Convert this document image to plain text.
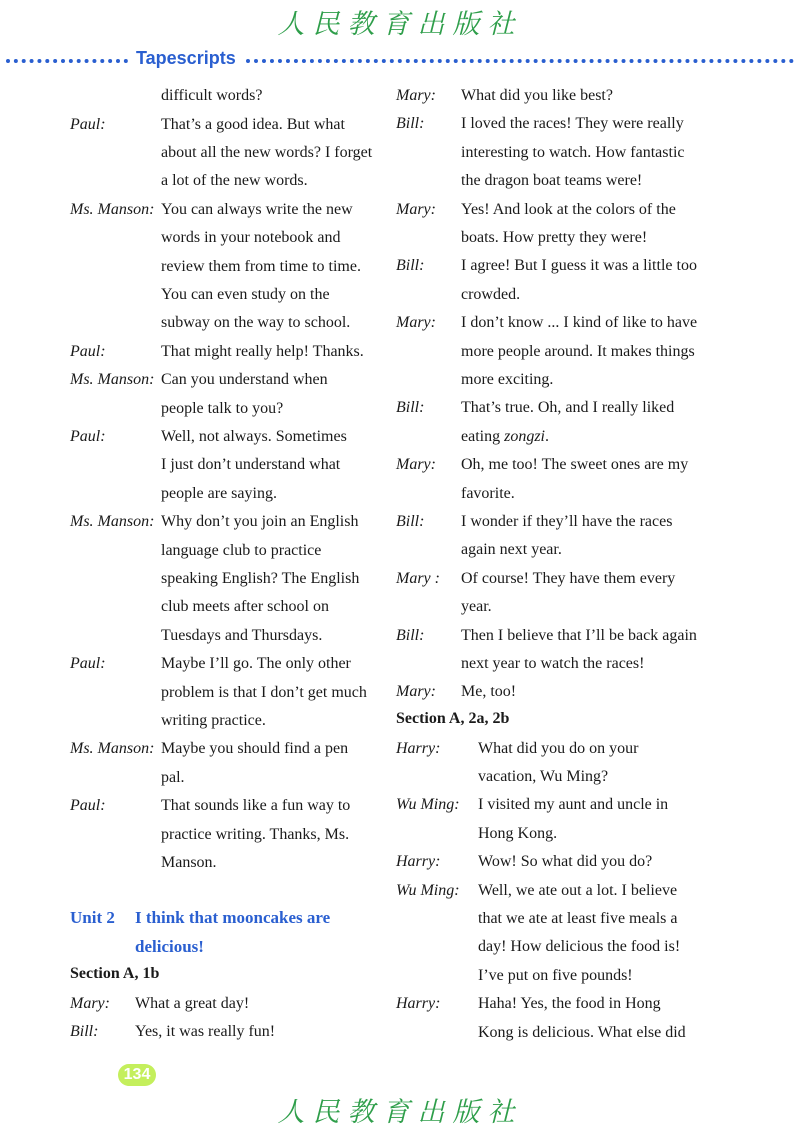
人民教育出版社
Tapescripts
134
人民教育出版社
difficult words?
Paul:	That’s a good idea. But what
about all the new words? I forget
a lot of the new words.
Ms. Manson: You can always write the new
words in your notebook and
review them from time to time.
You can even study on the
subway on the way to school.
Paul:	That might really help! Thanks.
Ms. Manson: Can you understand when
people talk to you?
Paul:	Well, not always. Sometimes
I just don’t understand what
people are saying.
Ms. Manson: Why don’t you join an English
language club to practice
speaking English? The English
club meets after school on
Tuesdays and Thursdays.
Paul:	Maybe I’ll go. The only other
problem is that I don’t get much
writing practice.
Ms. Manson: Maybe you should find a pen
pal.
Paul:	That sounds like a fun way to
practice writing. Thanks, Ms.
Manson.
Unit 2 I think that mooncakes are
delicious!
Section A, 1b
Mary: What a great day!
Bill: Yes, it was really fun!
Mary: What did you like best?
Bill: I loved the races! They were really
interesting to watch. How fantastic
the dragon boat teams were!
Mary: Yes! And look at the colors of the
boats. How pretty they were!
Bill: I agree! But I guess it was a little too
crowded.
Mary: I don’t know ... I kind of like to have
more people around. It makes things
more exciting.
Bill: That’s true. Oh, and I really liked
eating zongzi.
Mary: Oh, me too! The sweet ones are my
favorite.
Bill: I wonder if they’ll have the races
again next year.
Mary : Of course! They have them every
year.
Bill: Then I believe that I’ll be back again
next year to watch the races!
Mary: Me, too!
Section A, 2a, 2b
Harry: What did you do on your
vacation, Wu Ming?
Wu Ming: I visited my aunt and uncle in
Hong Kong.
Harry: Wow! So what did you do?
Wu Ming: Well, we ate out a lot. I believe
that we ate at least five meals a
day! How delicious the food is!
I’ve put on five pounds!
Harry: Haha! Yes, the food in Hong
Kong is delicious. What else did
